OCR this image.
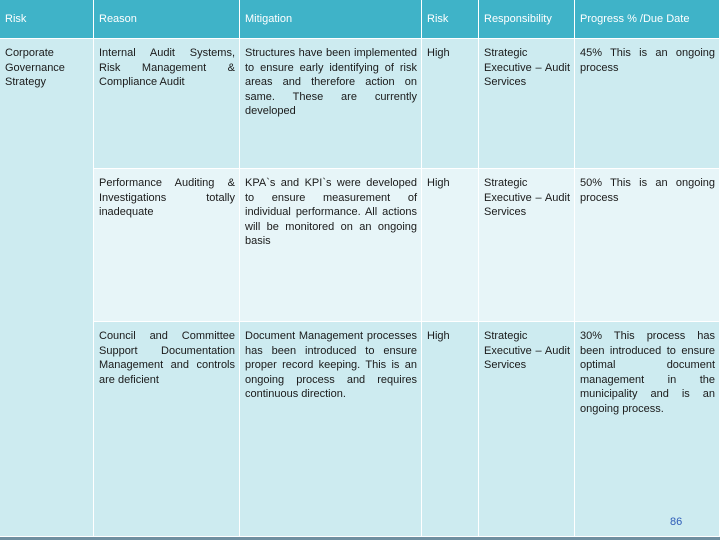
Risk	Reason	Mitigation	Risk	Responsibility	Progress % /Due Date
Corporate Governance Strategy	Internal Audit Systems, Risk Management & Compliance Audit	Structures have been implemented to ensure early identifying of risk areas and therefore action on same. These are currently developed	High	Strategic Executive – Audit Services	45% This is an ongoing process
	Performance Auditing & Investigations totally inadequate	KPA`s and KPI`s were developed to ensure measurement of individual performance. All actions will be monitored on an ongoing basis	High	Strategic Executive – Audit Services	50% This is an ongoing process
	Council and Committee Support Documentation Management and controls are deficient	Document Management processes has been introduced to ensure proper record keeping. This is an ongoing process and requires continuous direction.	High	Strategic Executive – Audit Services	30% This process has been introduced to ensure optimal document management in the municipality and is an ongoing process.
86
